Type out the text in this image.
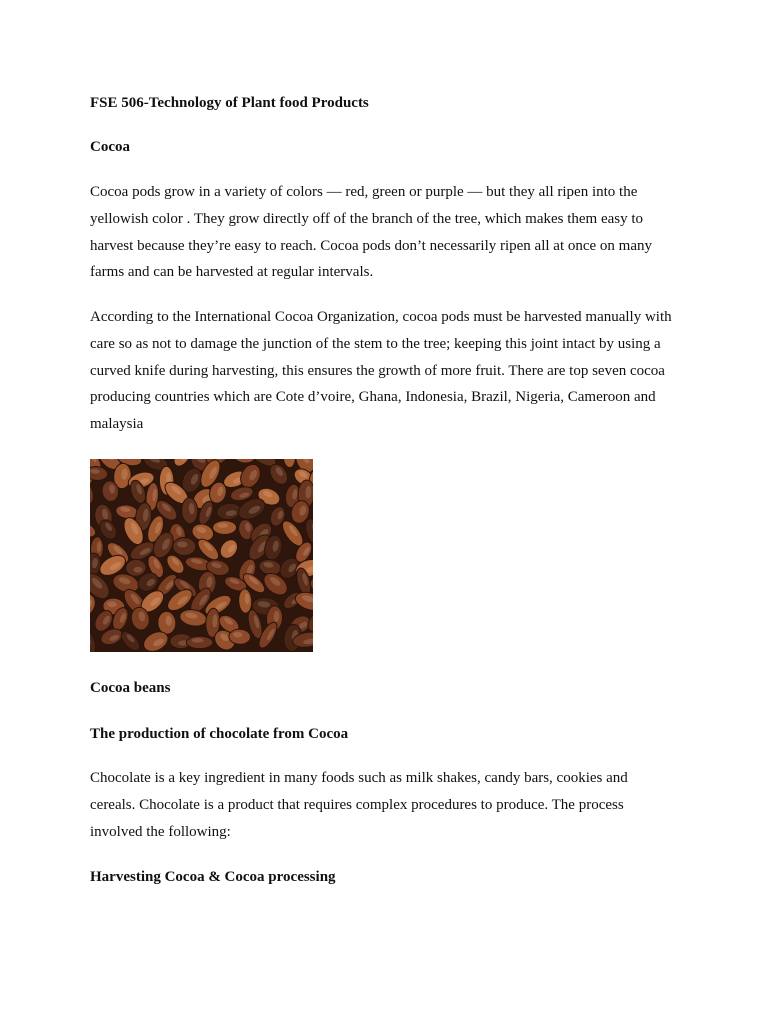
FSE 506-Technology of Plant food Products

Cocoa

Cocoa pods grow in a variety of colors — red, green or purple — but they all ripen into the
yellowish color . They grow directly off of the branch of the tree, which makes them easy to
harvest because they’re easy to reach. Cocoa pods don’t necessarily ripen all at once on many
farms and can be harvested at regular intervals.
According to the International Cocoa Organization, cocoa pods must be harvested manually with
care so as not to damage the junction of the stem to the tree; keeping this joint intact by using a
curved knife during harvesting, this ensures the growth of more fruit. There are top seven cocoa
producing countries which are Cote d’voire, Ghana, Indonesia, Brazil, Nigeria, Cameroon and
malaysia

Cocoa beans

The production of chocolate from Cocoa

Chocolate is a key ingredient in many foods such as milk shakes, candy bars, cookies and
cereals. Chocolate is a product that requires complex procedures to produce. The process
involved the following:

Harvesting Cocoa & Cocoa processing
